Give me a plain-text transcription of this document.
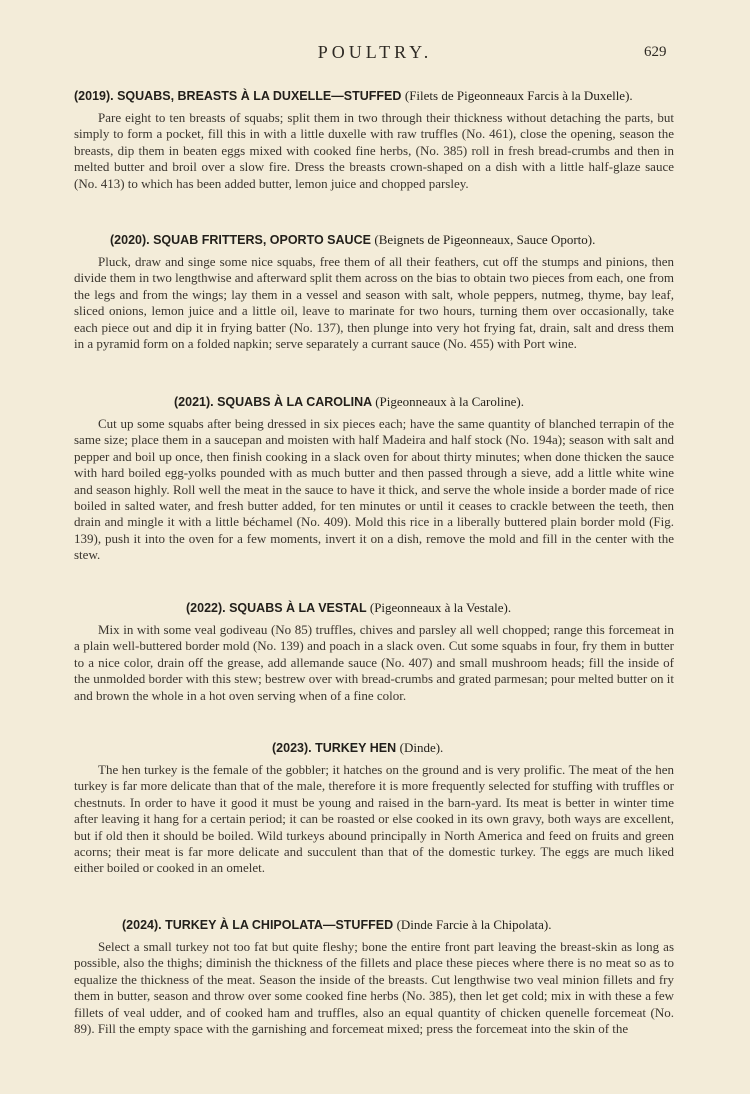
POULTRY.	629
(2019). SQUABS, BREASTS À LA DUXELLE—STUFFED (Filets de Pigeonneaux Farcis à la Duxelle).
Pare eight to ten breasts of squabs; split them in two through their thickness without detaching the parts, but simply to form a pocket, fill this in with a little duxelle with raw truffles (No. 461), close the opening, season the breasts, dip them in beaten eggs mixed with cooked fine herbs, (No. 385) roll in fresh bread-crumbs and then in melted butter and broil over a slow fire. Dress the breasts crown-shaped on a dish with a little half-glaze sauce (No. 413) to which has been added butter, lemon juice and chopped parsley.
(2020). SQUAB FRITTERS, OPORTO SAUCE (Beignets de Pigeonneaux, Sauce Oporto).
Pluck, draw and singe some nice squabs, free them of all their feathers, cut off the stumps and pinions, then divide them in two lengthwise and afterward split them across on the bias to obtain two pieces from each, one from the legs and from the wings; lay them in a vessel and season with salt, whole peppers, nutmeg, thyme, bay leaf, sliced onions, lemon juice and a little oil, leave to marinate for two hours, turning them over occasionally, take each piece out and dip it in frying batter (No. 137), then plunge into very hot frying fat, drain, salt and dress them in a pyramid form on a folded napkin; serve separately a currant sauce (No. 455) with Port wine.
(2021). SQUABS À LA CAROLINA (Pigeonneaux à la Caroline).
Cut up some squabs after being dressed in six pieces each; have the same quantity of blanched terrapin of the same size; place them in a saucepan and moisten with half Madeira and half stock (No. 194a); season with salt and pepper and boil up once, then finish cooking in a slack oven for about thirty minutes; when done thicken the sauce with hard boiled egg-yolks pounded with as much butter and then passed through a sieve, add a little white wine and season highly. Roll well the meat in the sauce to have it thick, and serve the whole inside a border made of rice boiled in salted water, and fresh butter added, for ten minutes or until it ceases to crackle between the teeth, then drain and mingle it with a little béchamel (No. 409). Mold this rice in a liberally buttered plain border mold (Fig. 139), push it into the oven for a few moments, invert it on a dish, remove the mold and fill in the center with the stew.
(2022). SQUABS À LA VESTAL (Pigeonneaux à la Vestale).
Mix in with some veal godiveau (No 85) truffles, chives and parsley all well chopped; range this forcemeat in a plain well-buttered border mold (No. 139) and poach in a slack oven. Cut some squabs in four, fry them in butter to a nice color, drain off the grease, add allemande sauce (No. 407) and small mushroom heads; fill the inside of the unmolded border with this stew; bestrew over with bread-crumbs and grated parmesan; pour melted butter on it and brown the whole in a hot oven serving when of a fine color.
(2023). TURKEY HEN (Dinde).
The hen turkey is the female of the gobbler; it hatches on the ground and is very prolific. The meat of the hen turkey is far more delicate than that of the male, therefore it is more frequently selected for stuffing with truffles or chestnuts. In order to have it good it must be young and raised in the barn-yard. Its meat is better in winter time after leaving it hang for a certain period; it can be roasted or else cooked in its own gravy, both ways are excellent, but if old then it should be boiled. Wild turkeys abound principally in North America and feed on fruits and green acorns; their meat is far more delicate and succulent than that of the domestic turkey. The eggs are much liked either boiled or cooked in an omelet.
(2024). TURKEY À LA CHIPOLATA—STUFFED (Dinde Farcie à la Chipolata).
Select a small turkey not too fat but quite fleshy; bone the entire front part leaving the breast-skin as long as possible, also the thighs; diminish the thickness of the fillets and place these pieces where there is no meat so as to equalize the thickness of the meat. Season the inside of the breasts. Cut lengthwise two veal minion fillets and fry them in butter, season and throw over some cooked fine herbs (No. 385), then let get cold; mix in with these a few fillets of veal udder, and of cooked ham and truffles, also an equal quantity of chicken quenelle forcemeat (No. 89). Fill the empty space with the garnishing and forcemeat mixed; press the forcemeat into the skin of the
